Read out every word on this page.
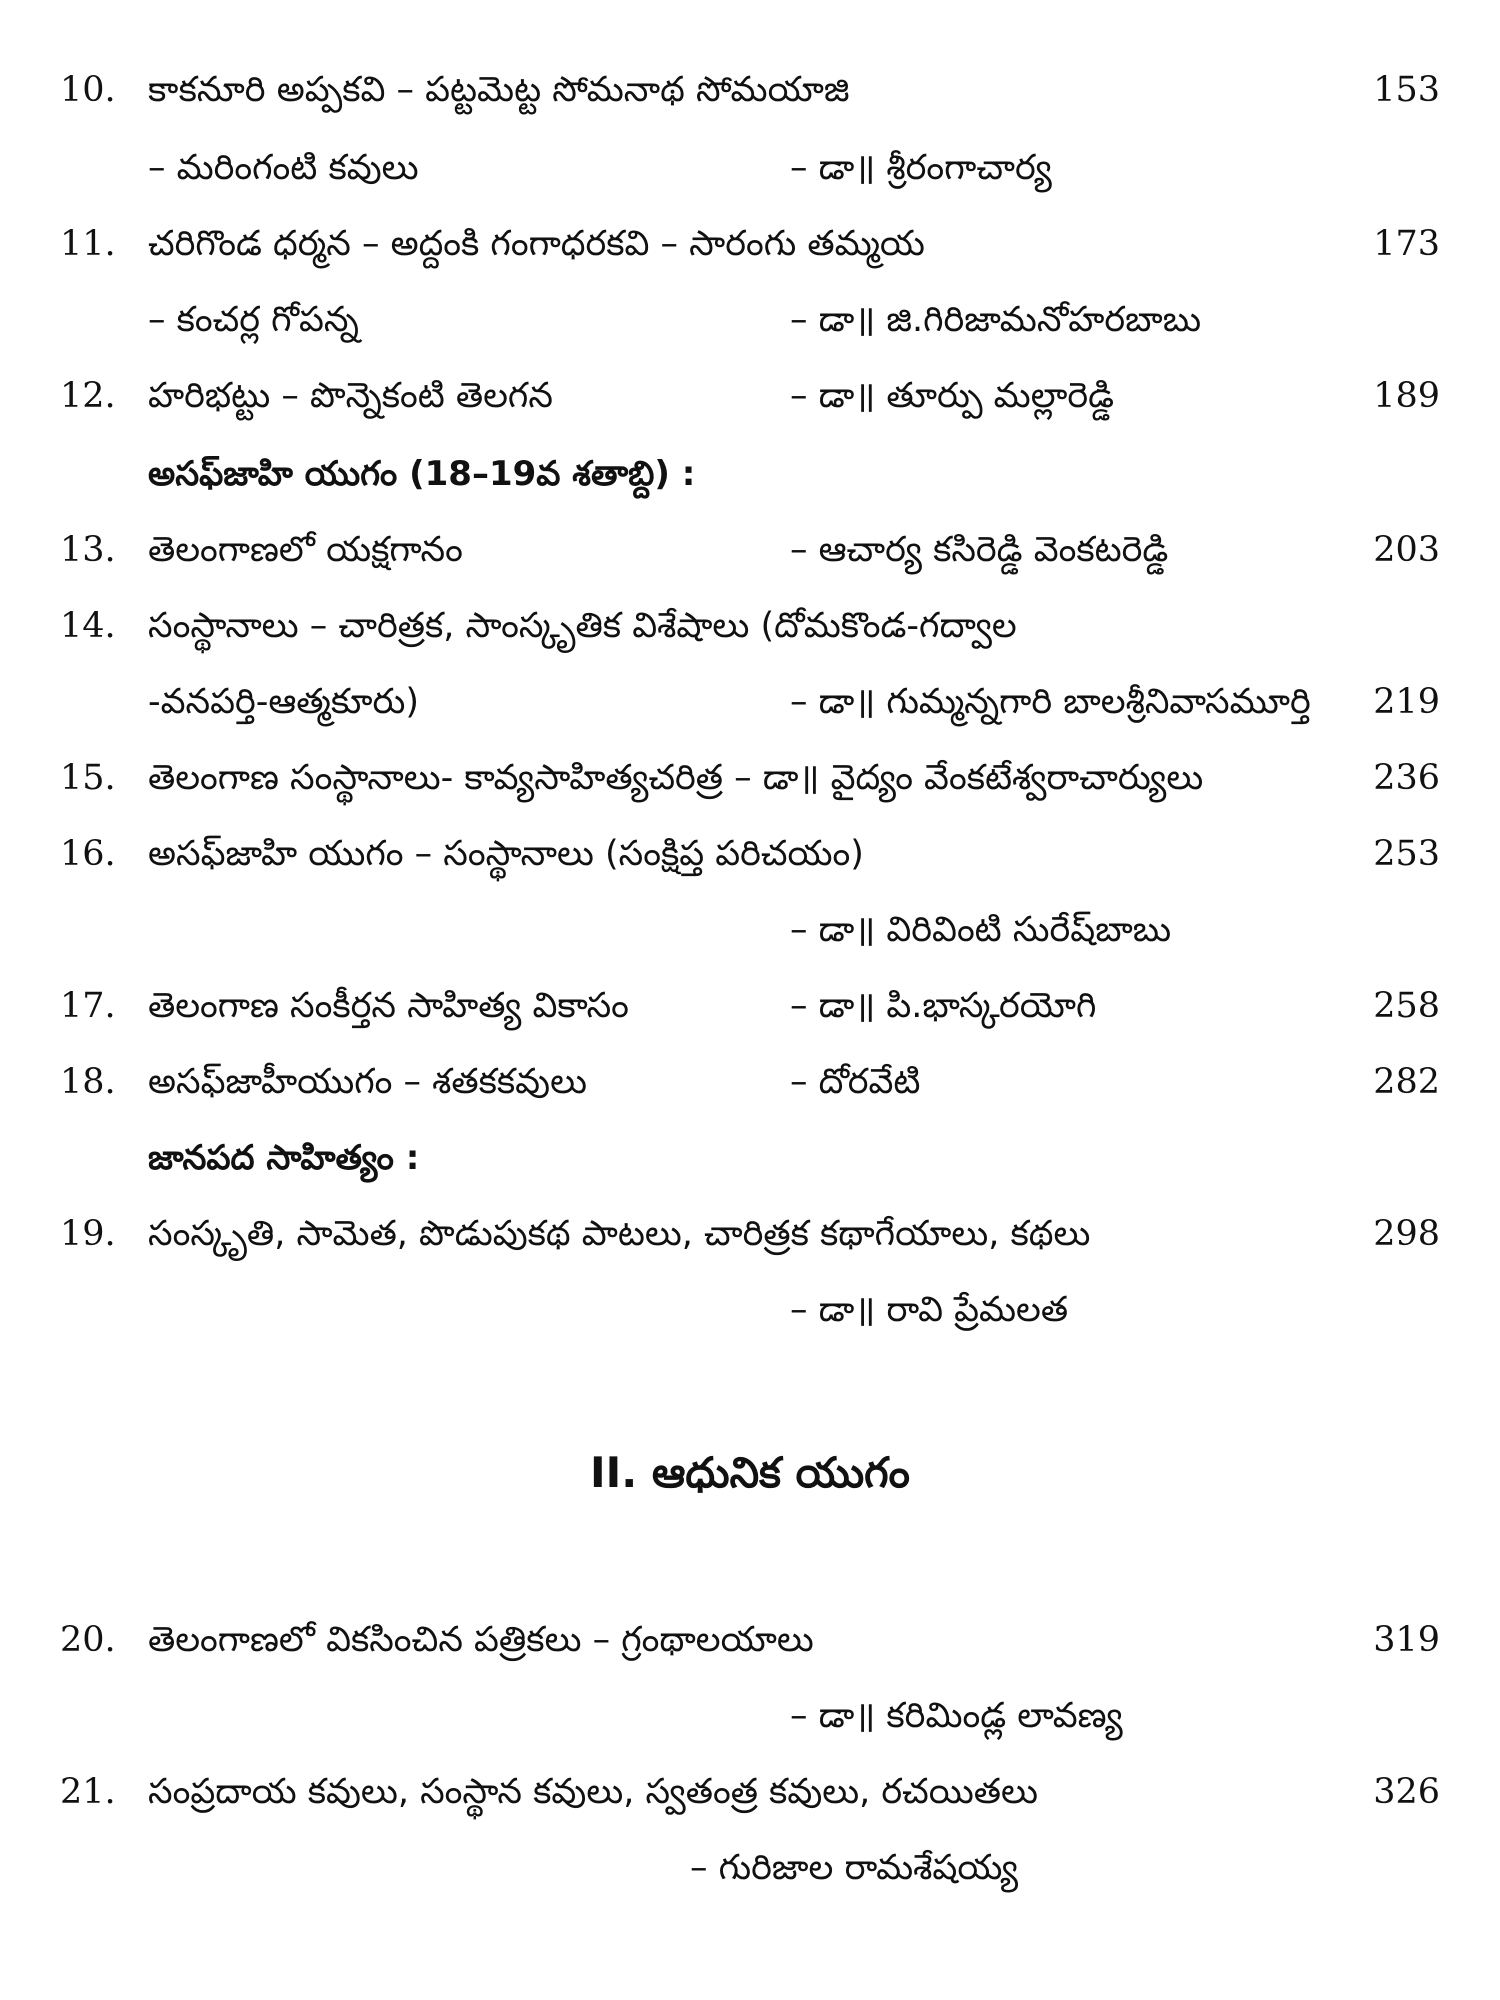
10. కాకనూరి అప్పకవి – పట్టమెట్ట సోమనాథ సోమయాజి	153
– మరింగంటి కవులు	– డా॥ శ్రీరంగాచార్య
11. చరిగొండ ధర్మన – అద్దంకి గంగాధరకవి – సారంగు తమ్మయ	173
– కంచర్ల గోపన్న	– డా॥ జి.గిరిజామనోహరబాబు
12. హరిభట్టు – పొన్నెకంటి తెలగన	– డా॥ తూర్పు మల్లారెడ్డి	189
అసఫ్‌జాహి యుగం (18–19వ శతాబ్ది) :
13. తెలంగాణలో యక్షగానం	– ఆచార్య కసిరెడ్డి వెంకటరెడ్డి	203
14. సంస్థానాలు – చారిత్రక, సాంస్కృతిక విశేషాలు (దోమకొండ-గద్వాల
-వనపర్తి-ఆత్మకూరు)	– డా॥ గుమ్మన్నగారి బాలశ్రీనివాసమూర్తి 219
15. తెలంగాణ సంస్థానాలు- కావ్యసాహిత్యచరిత్ర – డా॥ వైద్యం వేంకటేశ్వరాచార్యులు	236
16. అసఫ్‌జాహి యుగం – సంస్థానాలు (సంక్షిప్త పరిచయం)	253
– డా॥ విరివింటి సురేష్‌బాబు
17. తెలంగాణ సంకీర్తన సాహిత్య వికాసం	– డా॥ పి.భాస్కరయోగి	258
18. అసఫ్‌జాహీయుగం – శతకకవులు	– దోరవేటి	282
జానపద సాహిత్యం :
19. సంస్కృతి, సామెత, పొడుపుకథ పాటలు, చారిత్రక కథాగేయాలు, కథలు	298
– డా॥ రావి ప్రేమలత
II. ఆధునిక యుగం
20. తెలంగాణలో వికసించిన పత్రికలు – గ్రంథాలయాలు	319
– డా॥ కరిమిండ్ల లావణ్య
21. సంప్రదాయ కవులు, సంస్థాన కవులు, స్వతంత్ర కవులు, రచయితలు	326
– గురిజాల రామశేషయ్య
